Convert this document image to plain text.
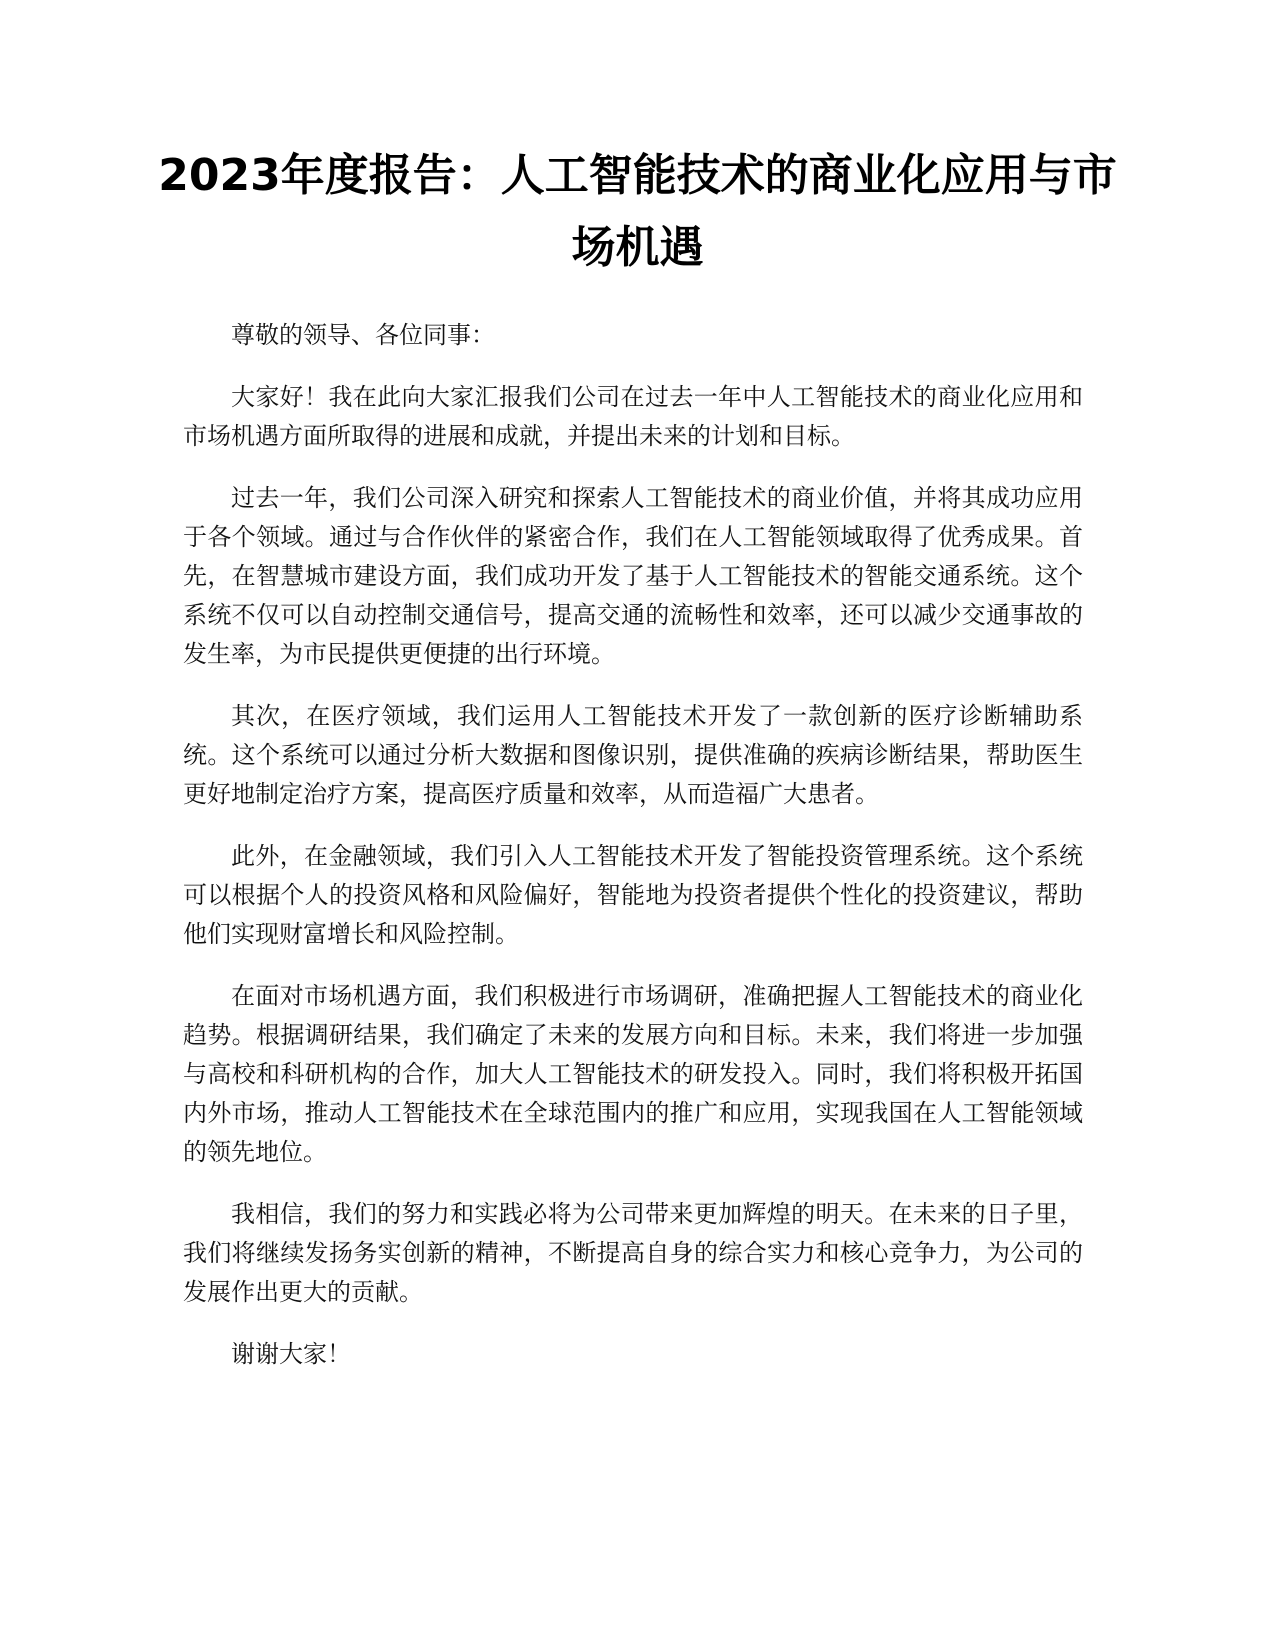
2023年度报告：人工智能技术的商业化应用与市场机遇

尊敬的领导、各位同事：

大家好！我在此向大家汇报我们公司在过去一年中人工智能技术的商业化应用和市场机遇方面所取得的进展和成就，并提出未来的计划和目标。

过去一年，我们公司深入研究和探索人工智能技术的商业价值，并将其成功应用于各个领域。通过与合作伙伴的紧密合作，我们在人工智能领域取得了优秀成果。首先，在智慧城市建设方面，我们成功开发了基于人工智能技术的智能交通系统。这个系统不仅可以自动控制交通信号，提高交通的流畅性和效率，还可以减少交通事故的发生率，为市民提供更便捷的出行环境。

其次，在医疗领域，我们运用人工智能技术开发了一款创新的医疗诊断辅助系统。这个系统可以通过分析大数据和图像识别，提供准确的疾病诊断结果，帮助医生更好地制定治疗方案，提高医疗质量和效率，从而造福广大患者。

此外，在金融领域，我们引入人工智能技术开发了智能投资管理系统。这个系统可以根据个人的投资风格和风险偏好，智能地为投资者提供个性化的投资建议，帮助他们实现财富增长和风险控制。

在面对市场机遇方面，我们积极进行市场调研，准确把握人工智能技术的商业化趋势。根据调研结果，我们确定了未来的发展方向和目标。未来，我们将进一步加强与高校和科研机构的合作，加大人工智能技术的研发投入。同时，我们将积极开拓国内外市场，推动人工智能技术在全球范围内的推广和应用，实现我国在人工智能领域的领先地位。

我相信，我们的努力和实践必将为公司带来更加辉煌的明天。在未来的日子里，我们将继续发扬务实创新的精神，不断提高自身的综合实力和核心竞争力，为公司的发展作出更大的贡献。

谢谢大家！
